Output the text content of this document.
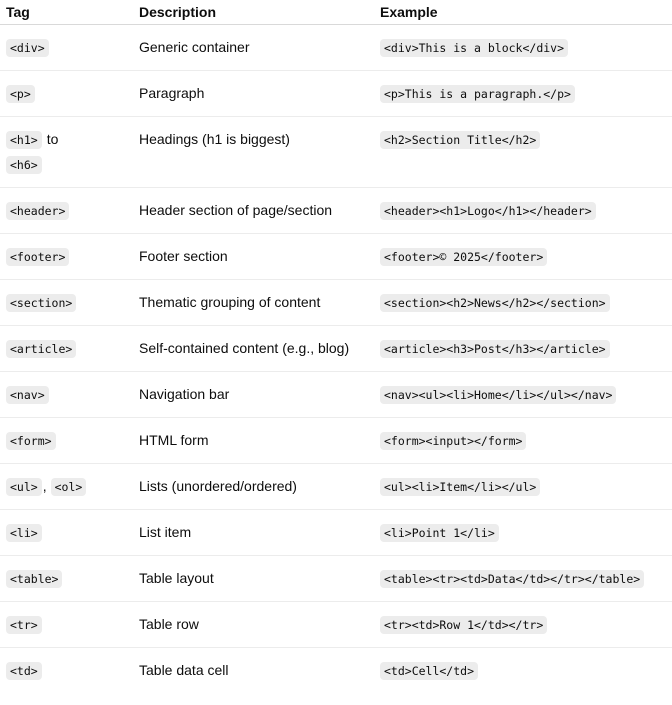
Tag	Description	Example
<div>	Generic container	<div>This is a block</div>
<p>	Paragraph	<p>This is a paragraph.</p>
<h1> to
<h6>	Headings (h1 is biggest)	<h2>Section Title</h2>
<header>	Header section of page/section	<header><h1>Logo</h1></header>
<footer>	Footer section	<footer>© 2025</footer>
<section>	Thematic grouping of content	<section><h2>News</h2></section>
<article>	Self-contained content (e.g., blog)	<article><h3>Post</h3></article>
<nav>	Navigation bar	<nav><ul><li>Home</li></ul></nav>
<form>	HTML form	<form><input></form>
<ul> , <ol>	Lists (unordered/ordered)	<ul><li>Item</li></ul>
<li>	List item	<li>Point 1</li>
<table>	Table layout	<table><tr><td>Data</td></tr></table>
<tr>	Table row	<tr><td>Row 1</td></tr>
<td>	Table data cell	<td>Cell</td>
